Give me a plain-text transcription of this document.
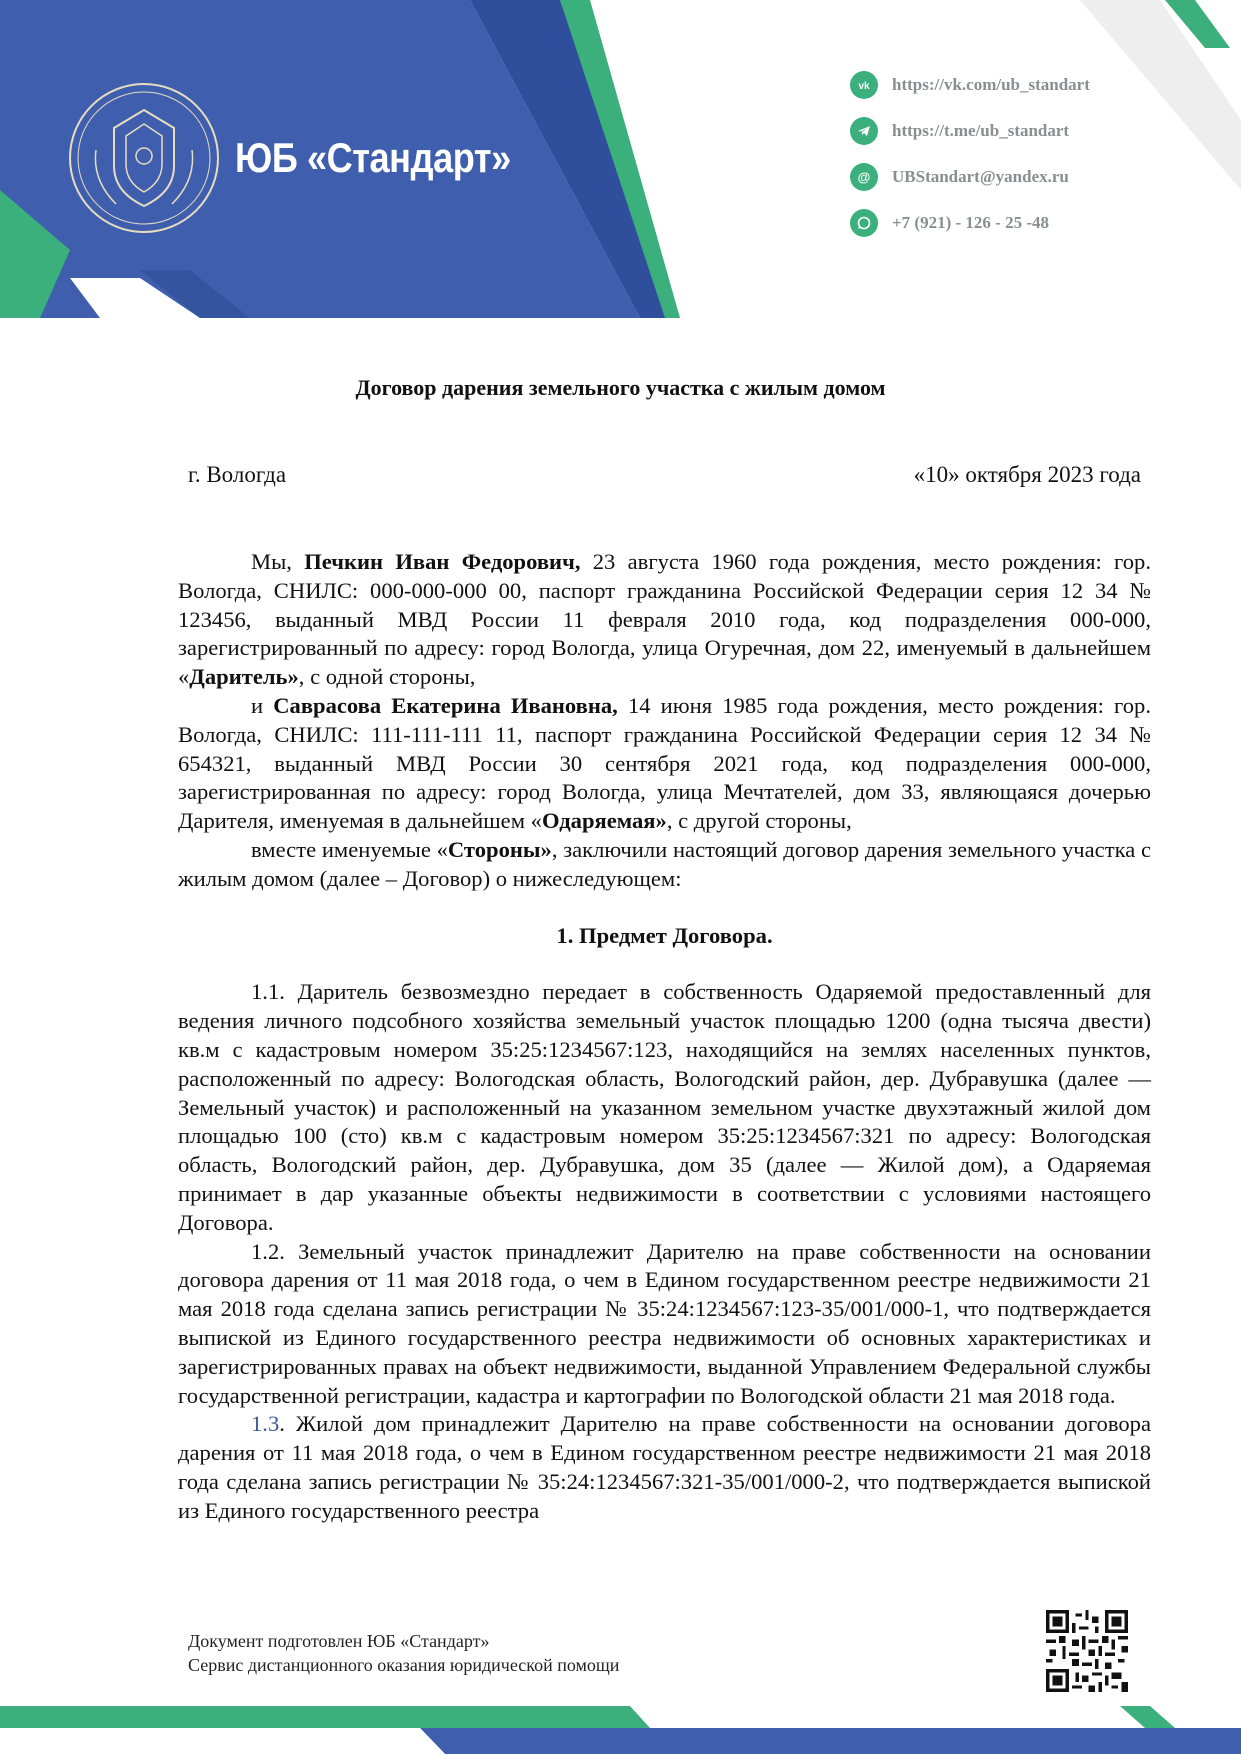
ЮБ «Стандарт»
vk https://vk.com/ub_standart
https://t.me/ub_standart
@ UBStandart@yandex.ru
+7 (921) - 126 - 25 -48
Договор дарения земельного участка с жилым домом
г. Вологда	«10» октября 2023 года

Мы, Печкин Иван Федорович, 23 августа 1960 года рождения, место рождения: гор. Вологда, СНИЛС: 000-000-000 00, паспорт гражданина Российской Федерации серия 12 34 № 123456, выданный МВД России 11 февраля 2010 года, код подразделения 000-000, зарегистрированный по адресу: город Вологда, улица Огуречная, дом 22, именуемый в дальнейшем «Даритель», с одной стороны,

и Саврасова Екатерина Ивановна, 14 июня 1985 года рождения, место рождения: гор. Вологда, СНИЛС: 111-111-111 11, паспорт гражданина Российской Федерации серия 12 34 № 654321, выданный МВД России 30 сентября 2021 года, код подразделения 000-000, зарегистрированная по адресу: город Вологда, улица Мечтателей, дом 33, являющаяся дочерью Дарителя, именуемая в дальнейшем «Одаряемая», с другой стороны,

вместе именуемые «Стороны», заключили настоящий договор дарения земельного участка с жилым домом (далее – Договор) о нижеследующем:

1. Предмет Договора.

1.1. Даритель безвозмездно передает в собственность Одаряемой предоставленный для ведения личного подсобного хозяйства земельный участок площадью 1200 (одна тысяча двести) кв.м с кадастровым номером 35:25:1234567:123, находящийся на землях населенных пунктов, расположенный по адресу: Вологодская область, Вологодский район, дер. Дубравушка (далее — Земельный участок) и расположенный на указанном земельном участке двухэтажный жилой дом площадью 100 (сто) кв.м с кадастровым номером 35:25:1234567:321 по адресу: Вологодская область, Вологодский район, дер. Дубравушка, дом 35 (далее — Жилой дом), а Одаряемая принимает в дар указанные объекты недвижимости в соответствии с условиями настоящего Договора.

1.2. Земельный участок принадлежит Дарителю на праве собственности на основании договора дарения от 11 мая 2018 года, о чем в Едином государственном реестре недвижимости 21 мая 2018 года сделана запись регистрации № 35:24:1234567:123-35/001/000-1, что подтверждается выпиской из Единого государственного реестра недвижимости об основных характеристиках и зарегистрированных правах на объект недвижимости, выданной Управлением Федеральной службы государственной регистрации, кадастра и картографии по Вологодской области 21 мая 2018 года.

1.3. Жилой дом принадлежит Дарителю на праве собственности на основании договора дарения от 11 мая 2018 года, о чем в Едином государственном реестре недвижимости 21 мая 2018 года сделана запись регистрации № 35:24:1234567:321-35/001/000-2, что подтверждается выпиской из Единого государственного реестра

Документ подготовлен ЮБ «Стандарт»
Сервис дистанционного оказания юридической помощи
